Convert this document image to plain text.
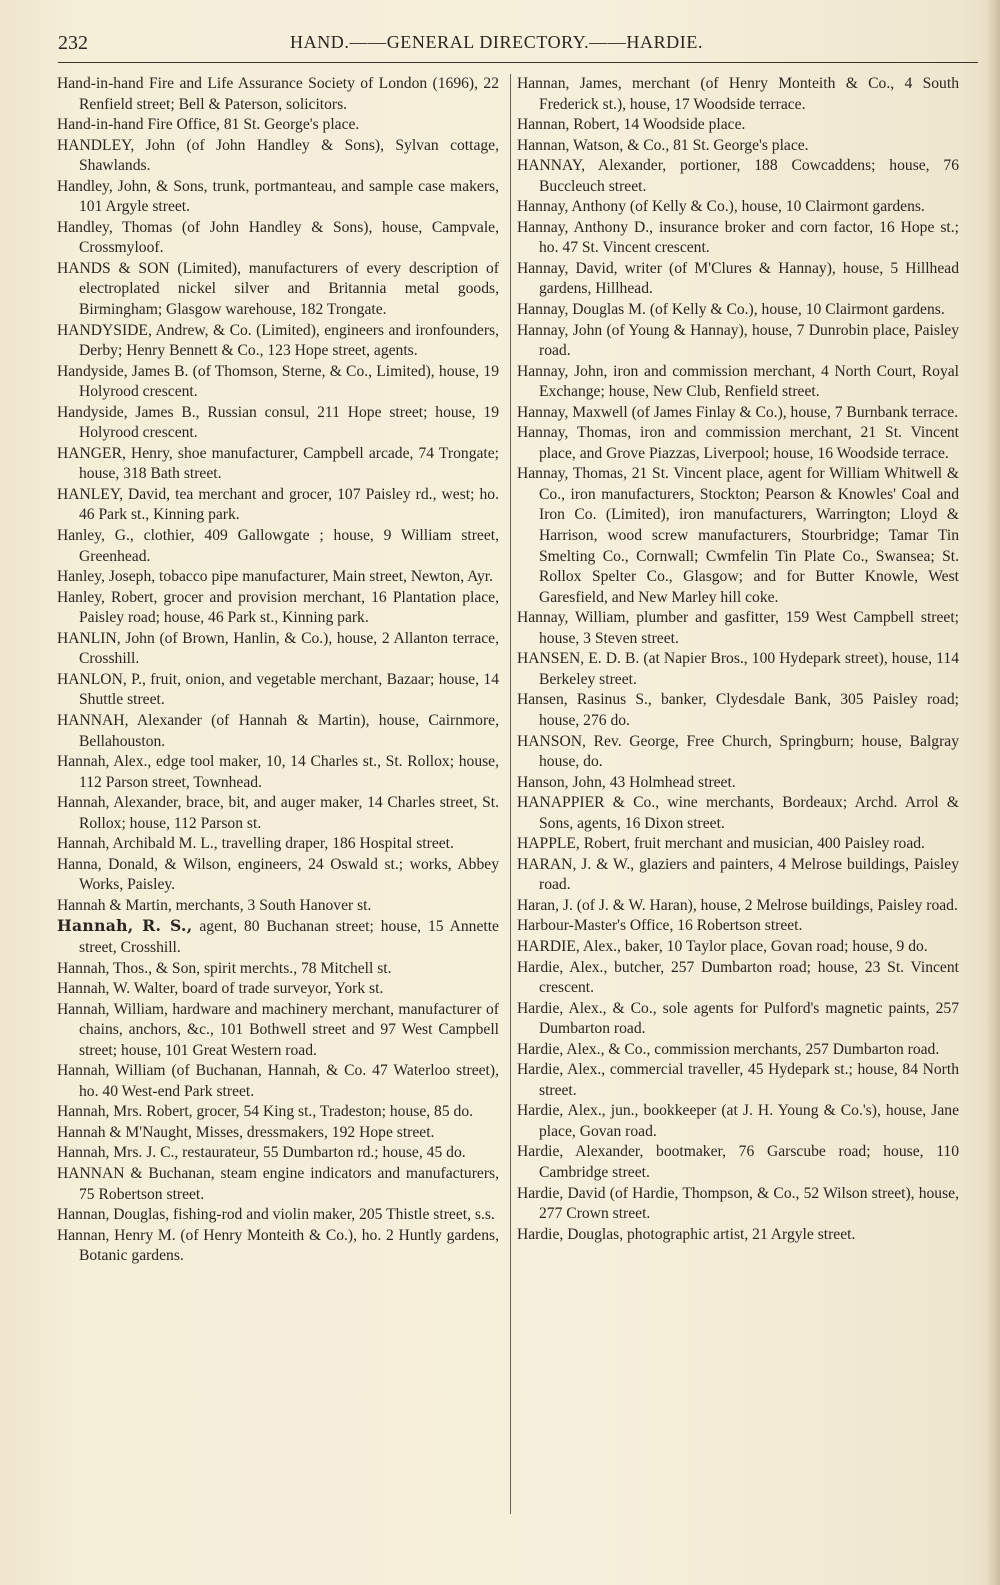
232	HAND.——GENERAL DIRECTORY.——HARDIE.
Hand-in-hand Fire and Life Assurance Society of London (1696), 22 Renfield street; Bell & Paterson, solicitors.
Hand-in-hand Fire Office, 81 St. George's place.
HANDLEY, John (of John Handley & Sons), Sylvan cottage, Shawlands.
Handley, John, & Sons, trunk, portmanteau, and sample case makers, 101 Argyle street.
Handley, Thomas (of John Handley & Sons), house, Campvale, Crossmyloof.
HANDS & SON (Limited), manufacturers of every description of electroplated nickel silver and Britannia metal goods, Birmingham; Glasgow warehouse, 182 Trongate.
HANDYSIDE, Andrew, & Co. (Limited), engineers and ironfounders, Derby; Henry Bennett & Co., 123 Hope street, agents.
Handyside, James B. (of Thomson, Sterne, & Co., Limited), house, 19 Holyrood crescent.
Handyside, James B., Russian consul, 211 Hope street; house, 19 Holyrood crescent.
HANGER, Henry, shoe manufacturer, Campbell arcade, 74 Trongate; house, 318 Bath street.
HANLEY, David, tea merchant and grocer, 107 Paisley rd., west; ho. 46 Park st., Kinning park.
Hanley, G., clothier, 409 Gallowgate ; house, 9 William street, Greenhead.
Hanley, Joseph, tobacco pipe manufacturer, Main street, Newton, Ayr.
Hanley, Robert, grocer and provision merchant, 16 Plantation place, Paisley road; house, 46 Park st., Kinning park.
HANLIN, John (of Brown, Hanlin, & Co.), house, 2 Allanton terrace, Crosshill.
HANLON, P., fruit, onion, and vegetable merchant, Bazaar; house, 14 Shuttle street.
HANNAH, Alexander (of Hannah & Martin), house, Cairnmore, Bellahouston.
Hannah, Alex., edge tool maker, 10, 14 Charles st., St. Rollox; house, 112 Parson street, Townhead.
Hannah, Alexander, brace, bit, and auger maker, 14 Charles street, St. Rollox; house, 112 Parson st.
Hannah, Archibald M. L., travelling draper, 186 Hospital street.
Hanna, Donald, & Wilson, engineers, 24 Oswald st.; works, Abbey Works, Paisley.
Hannah & Martin, merchants, 3 South Hanover st.
Hannah, R. S., agent, 80 Buchanan street; house, 15 Annette street, Crosshill.
Hannah, Thos., & Son, spirit merchts., 78 Mitchell st.
Hannah, W. Walter, board of trade surveyor, York st.
Hannah, William, hardware and machinery merchant, manufacturer of chains, anchors, &c., 101 Bothwell street and 97 West Campbell street; house, 101 Great Western road.
Hannah, William (of Buchanan, Hannah, & Co. 47 Waterloo street), ho. 40 West-end Park street.
Hannah, Mrs. Robert, grocer, 54 King st., Tradeston; house, 85 do.
Hannah & M'Naught, Misses, dressmakers, 192 Hope street.
Hannah, Mrs. J. C., restaurateur, 55 Dumbarton rd.; house, 45 do.
HANNAN & Buchanan, steam engine indicators and manufacturers, 75 Robertson street.
Hannan, Douglas, fishing-rod and violin maker, 205 Thistle street, s.s.
Hannan, Henry M. (of Henry Monteith & Co.), ho. 2 Huntly gardens, Botanic gardens.
Hannan, James, merchant (of Henry Monteith & Co., 4 South Frederick st.), house, 17 Woodside terrace.
Hannan, Robert, 14 Woodside place.
Hannan, Watson, & Co., 81 St. George's place.
HANNAY, Alexander, portioner, 188 Cowcaddens; house, 76 Buccleuch street.
Hannay, Anthony (of Kelly & Co.), house, 10 Clairmont gardens.
Hannay, Anthony D., insurance broker and corn factor, 16 Hope st.; ho. 47 St. Vincent crescent.
Hannay, David, writer (of M'Clures & Hannay), house, 5 Hillhead gardens, Hillhead.
Hannay, Douglas M. (of Kelly & Co.), house, 10 Clairmont gardens.
Hannay, John (of Young & Hannay), house, 7 Dunrobin place, Paisley road.
Hannay, John, iron and commission merchant, 4 North Court, Royal Exchange; house, New Club, Renfield street.
Hannay, Maxwell (of James Finlay & Co.), house, 7 Burnbank terrace.
Hannay, Thomas, iron and commission merchant, 21 St. Vincent place, and Grove Piazzas, Liverpool; house, 16 Woodside terrace.
Hannay, Thomas, 21 St. Vincent place, agent for William Whitwell & Co., iron manufacturers, Stockton; Pearson & Knowles' Coal and Iron Co. (Limited), iron manufacturers, Warrington; Lloyd & Harrison, wood screw manufacturers, Stourbridge; Tamar Tin Smelting Co., Cornwall; Cwmfelin Tin Plate Co., Swansea; St. Rollox Spelter Co., Glasgow; and for Butter Knowle, West Garesfield, and New Marley hill coke.
Hannay, William, plumber and gasfitter, 159 West Campbell street; house, 3 Steven street.
HANSEN, E. D. B. (at Napier Bros., 100 Hydepark street), house, 114 Berkeley street.
Hansen, Rasinus S., banker, Clydesdale Bank, 305 Paisley road; house, 276 do.
HANSON, Rev. George, Free Church, Springburn; house, Balgray house, do.
Hanson, John, 43 Holmhead street.
HANAPPIER & Co., wine merchants, Bordeaux; Archd. Arrol & Sons, agents, 16 Dixon street.
HAPPLE, Robert, fruit merchant and musician, 400 Paisley road.
HARAN, J. & W., glaziers and painters, 4 Melrose buildings, Paisley road.
Haran, J. (of J. & W. Haran), house, 2 Melrose buildings, Paisley road.
Harbour-Master's Office, 16 Robertson street.
HARDIE, Alex., baker, 10 Taylor place, Govan road; house, 9 do.
Hardie, Alex., butcher, 257 Dumbarton road; house, 23 St. Vincent crescent.
Hardie, Alex., & Co., sole agents for Pulford's magnetic paints, 257 Dumbarton road.
Hardie, Alex., & Co., commission merchants, 257 Dumbarton road.
Hardie, Alex., commercial traveller, 45 Hydepark st.; house, 84 North street.
Hardie, Alex., jun., bookkeeper (at J. H. Young & Co.'s), house, Jane place, Govan road.
Hardie, Alexander, bootmaker, 76 Garscube road; house, 110 Cambridge street.
Hardie, David (of Hardie, Thompson, & Co., 52 Wilson street), house, 277 Crown street.
Hardie, Douglas, photographic artist, 21 Argyle street.
